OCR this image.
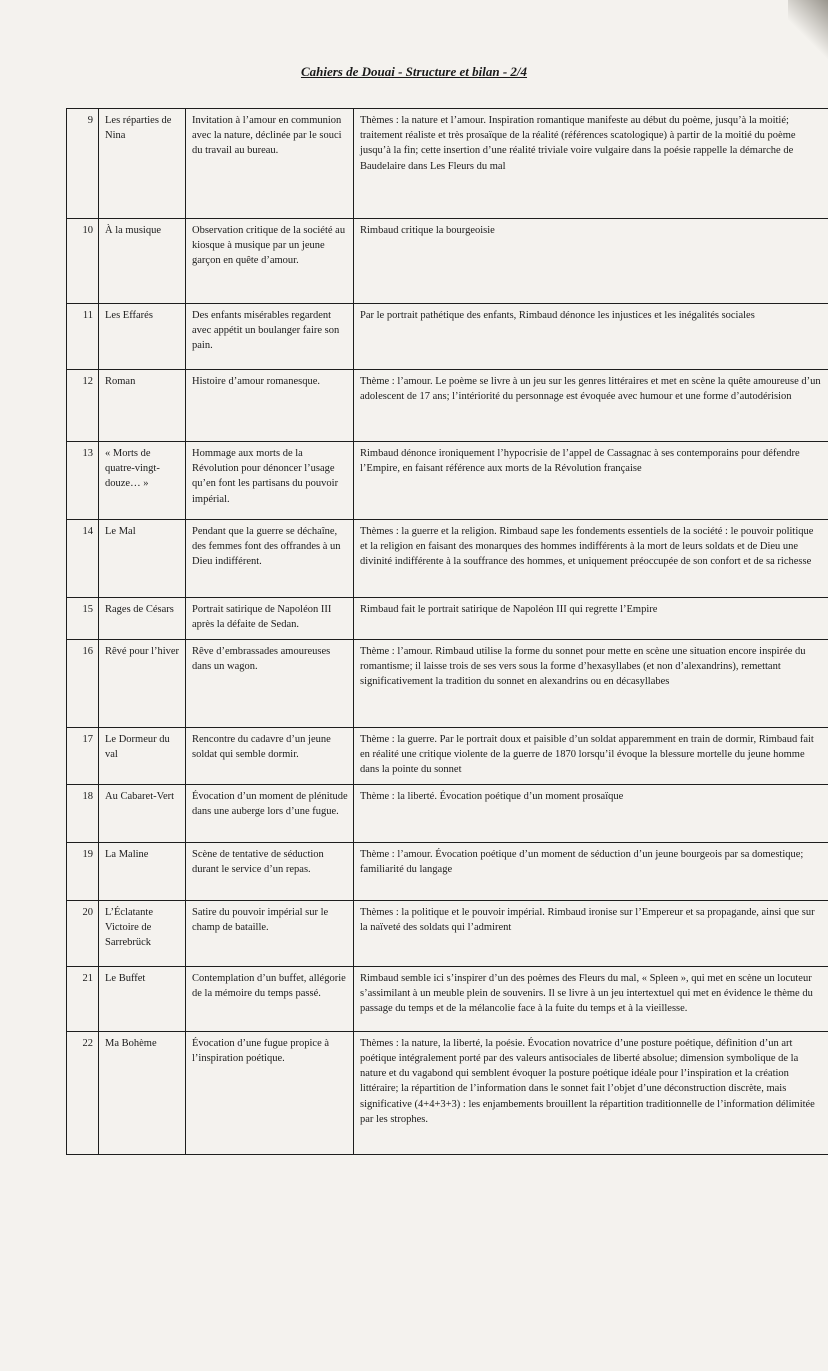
Cahiers de Douai - Structure et bilan - 2/4
9	Les réparties de Nina	Invitation à l’amour en communion avec la nature, déclinée par le souci du travail au bureau.	Thèmes : la nature et l’amour. Inspiration romantique manifeste au début du poème, jusqu’à la moitié; traitement réaliste et très prosaïque de la réalité (références scatologique) à partir de la moitié du poème jusqu’à la fin; cette insertion d’une réalité triviale voire vulgaire dans la poésie rappelle la démarche de Baudelaire dans Les Fleurs du mal
10	À la musique	Observation critique de la société au kiosque à musique par un jeune garçon en quête d’amour.	Rimbaud critique la bourgeoisie
11	Les Effarés	Des enfants misérables regardent avec appétit un boulanger faire son pain.	Par le portrait pathétique des enfants, Rimbaud dénonce les injustices et les inégalités sociales
12	Roman	Histoire d’amour romanesque.	Thème : l’amour. Le poème se livre à un jeu sur les genres littéraires et met en scène la quête amoureuse d’un adolescent de 17 ans; l’intériorité du personnage est évoquée avec humour et une forme d’autodérision
13	« Morts de quatre-vingt-douze… »	Hommage aux morts de la Révolution pour dénoncer l’usage qu’en font les partisans du pouvoir impérial.	Rimbaud dénonce ironiquement l’hypocrisie de l’appel de Cassagnac à ses contemporains pour défendre l’Empire, en faisant référence aux morts de la Révolution française
14	Le Mal	Pendant que la guerre se déchaîne, des femmes font des offrandes à un Dieu indifférent.	Thèmes : la guerre et la religion. Rimbaud sape les fondements essentiels de la société : le pouvoir politique et la religion en faisant des monarques des hommes indifférents à la mort de leurs soldats et de Dieu une divinité indifférente à la souffrance des hommes, et uniquement préoccupée de son confort et de sa richesse
15	Rages de Césars	Portrait satirique de Napoléon III après la défaite de Sedan.	Rimbaud fait le portrait satirique de Napoléon III qui regrette l’Empire
16	Rêvé pour l’hiver	Rêve d’embrassades amoureuses dans un wagon.	Thème : l’amour. Rimbaud utilise la forme du sonnet pour mette en scène une situation encore inspirée du romantisme; il laisse trois de ses vers sous la forme d’hexasyllabes (et non d’alexandrins), remettant significativement la tradition du sonnet en alexandrins ou en décasyllabes
17	Le Dormeur du val	Rencontre du cadavre d’un jeune soldat qui semble dormir.	Thème : la guerre. Par le portrait doux et paisible d’un soldat apparemment en train de dormir, Rimbaud fait en réalité une critique violente de la guerre de 1870 lorsqu’il évoque la blessure mortelle du jeune homme dans la pointe du sonnet
18	Au Cabaret-Vert	Évocation d’un moment de plénitude dans une auberge lors d’une fugue.	Thème : la liberté. Évocation poétique d’un moment prosaïque
19	La Maline	Scène de tentative de séduction durant le service d’un repas.	Thème : l’amour. Évocation poétique d’un moment de séduction d’un jeune bourgeois par sa domestique; familiarité du langage
20	L’Éclatante Victoire de Sarrebrück	Satire du pouvoir impérial sur le champ de bataille.	Thèmes : la politique et le pouvoir impérial. Rimbaud ironise sur l’Empereur et sa propagande, ainsi que sur la naïveté des soldats qui l’admirent
21	Le Buffet	Contemplation d’un buffet, allégorie de la mémoire du temps passé.	Rimbaud semble ici s’inspirer d’un des poèmes des Fleurs du mal, « Spleen », qui met en scène un locuteur s’assimilant à un meuble plein de souvenirs. Il se livre à un jeu intertextuel qui met en évidence le thème du passage du temps et de la mélancolie face à la fuite du temps et à la vieillesse.
22	Ma Bohème	Évocation d’une fugue propice à l’inspiration poétique.	Thèmes : la nature, la liberté, la poésie. Évocation novatrice d’une posture poétique, définition d’un art poétique intégralement porté par des valeurs antisociales de liberté absolue; dimension symbolique de la nature et du vagabond qui semblent évoquer la posture poétique idéale pour l’inspiration et la création littéraire; la répartition de l’information dans le sonnet fait l’objet d’une déconstruction discrète, mais significative (4+4+3+3) : les enjambements brouillent la répartition traditionnelle de l’information délimitée par les strophes.
